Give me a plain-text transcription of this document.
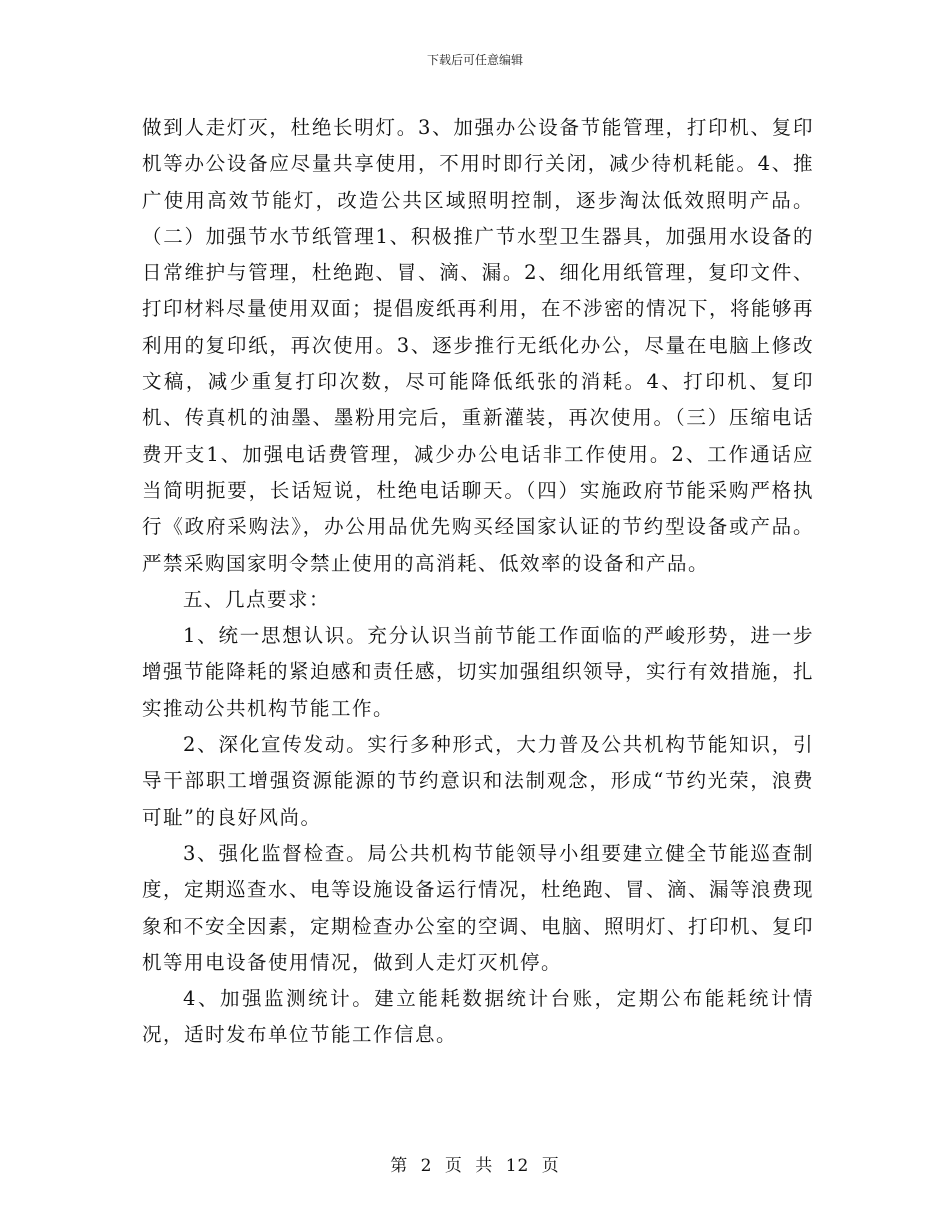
下载后可任意编辑

做到人走灯灭，杜绝长明灯。3、加强办公设备节能管理，打印机、复印机等办公设备应尽量共享使用，不用时即行关闭，减少待机耗能。4、推广使用高效节能灯，改造公共区域照明控制，逐步淘汰低效照明产品。（二）加强节水节纸管理1、积极推广节水型卫生器具，加强用水设备的日常维护与管理，杜绝跑、冒、滴、漏。2、细化用纸管理，复印文件、打印材料尽量使用双面；提倡废纸再利用，在不涉密的情况下，将能够再利用的复印纸，再次使用。3、逐步推行无纸化办公，尽量在电脑上修改文稿，减少重复打印次数，尽可能降低纸张的消耗。4、打印机、复印机、传真机的油墨、墨粉用完后，重新灌装，再次使用。（三）压缩电话费开支1、加强电话费管理，减少办公电话非工作使用。2、工作通话应当简明扼要，长话短说，杜绝电话聊天。（四）实施政府节能采购严格执行《政府采购法》，办公用品优先购买经国家认证的节约型设备或产品。严禁采购国家明令禁止使用的高消耗、低效率的设备和产品。

五、几点要求：

1、统一思想认识。充分认识当前节能工作面临的严峻形势，进一步增强节能降耗的紧迫感和责任感，切实加强组织领导，实行有效措施，扎实推动公共机构节能工作。

2、深化宣传发动。实行多种形式，大力普及公共机构节能知识，引导干部职工增强资源能源的节约意识和法制观念，形成“节约光荣，浪费可耻”的良好风尚。

3、强化监督检查。局公共机构节能领导小组要建立健全节能巡查制度，定期巡查水、电等设施设备运行情况，杜绝跑、冒、滴、漏等浪费现象和不安全因素，定期检查办公室的空调、电脑、照明灯、打印机、复印机等用电设备使用情况，做到人走灯灭机停。

4、加强监测统计。建立能耗数据统计台账，定期公布能耗统计情况，适时发布单位节能工作信息。

第 2 页 共 12 页
